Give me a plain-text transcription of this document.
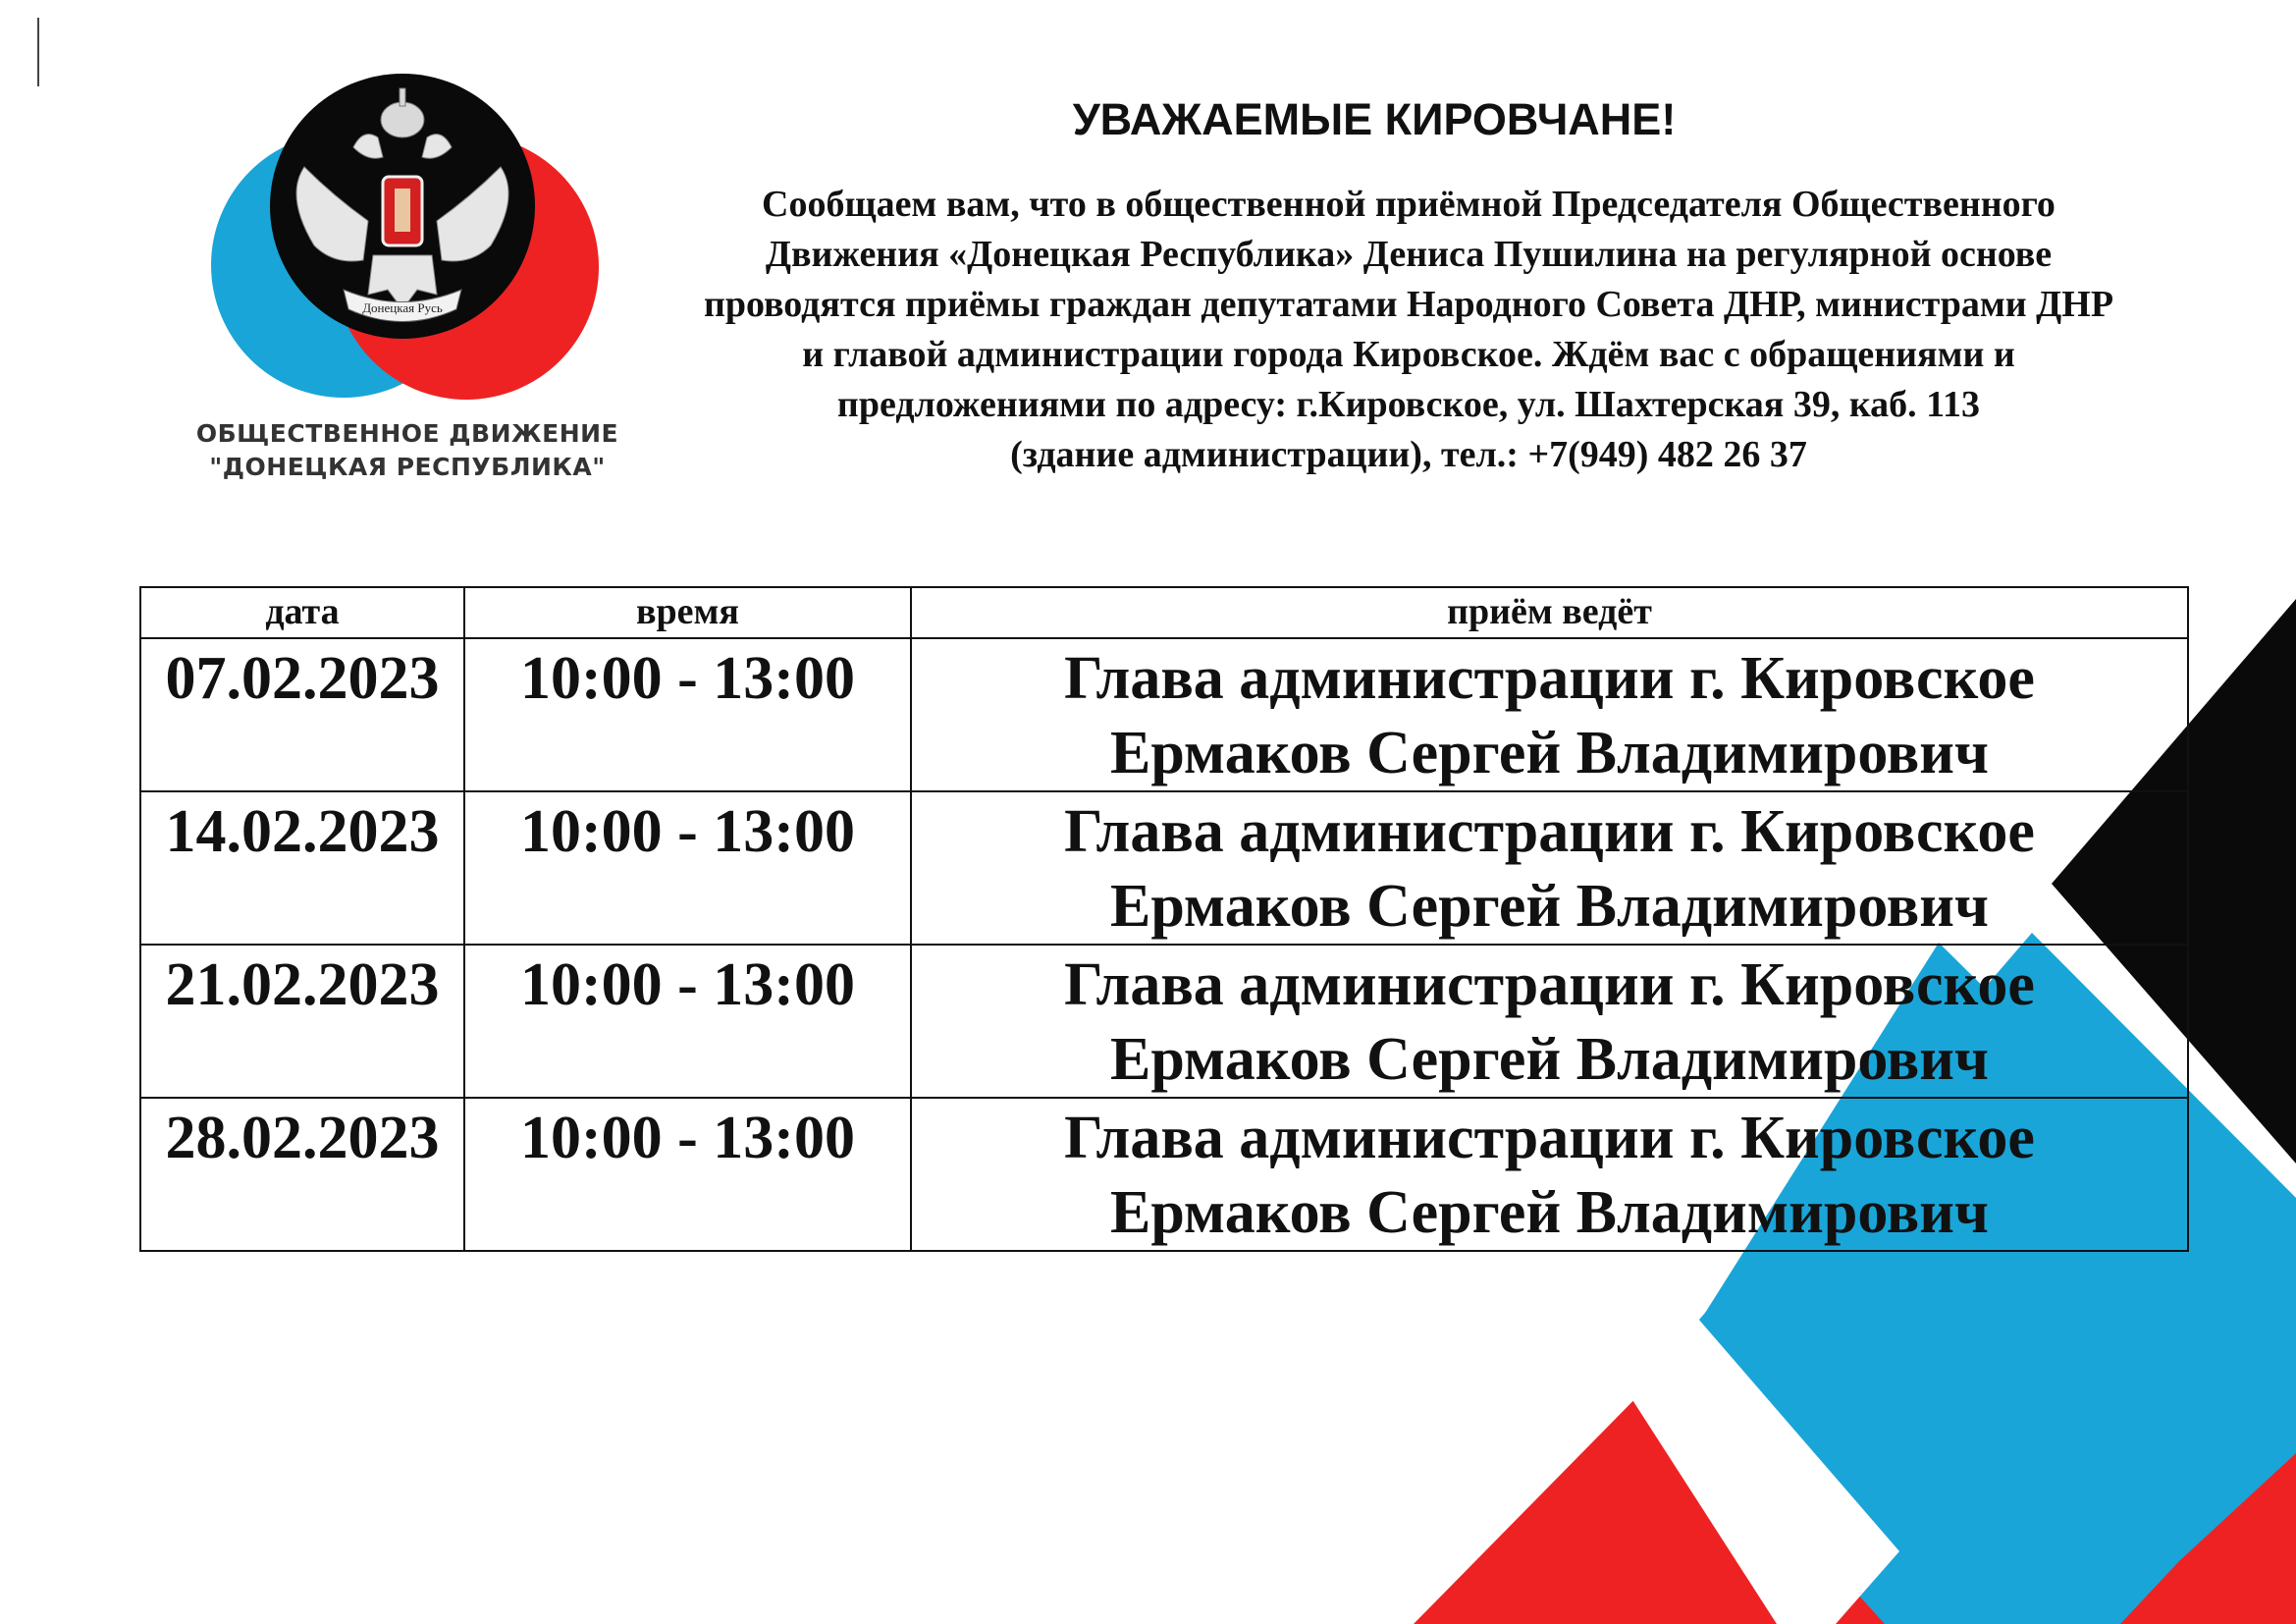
Донецкая Русь
ОБЩЕСТВЕННОЕ ДВИЖЕНИЕ
"ДОНЕЦКАЯ РЕСПУБЛИКА"
УВАЖАЕМЫЕ КИРОВЧАНЕ!
Сообщаем вам, что в общественной приёмной Председателя Общественного
Движения «Донецкая Республика» Дениса Пушилина на регулярной основе
проводятся приёмы граждан депутатами Народного Совета ДНР, министрами ДНР
и главой администрации города Кировское. Ждём вас с обращениями и
предложениями по адресу: г.Кировское, ул. Шахтерская 39, каб. 113
(здание администрации), тел.: +7(949) 482 26 37
дата	время	приём ведёт
07.02.2023	10:00 - 13:00	Глава администрации г. Кировское
Ермаков Сергей Владимирович

14.02.2023	10:00 - 13:00	Глава администрации г. Кировское
Ермаков Сергей Владимирович

21.02.2023	10:00 - 13:00	Глава администрации г. Кировское
Ермаков Сергей Владимирович

28.02.2023	10:00 - 13:00	Глава администрации г. Кировское
Ермаков Сергей Владимирович
